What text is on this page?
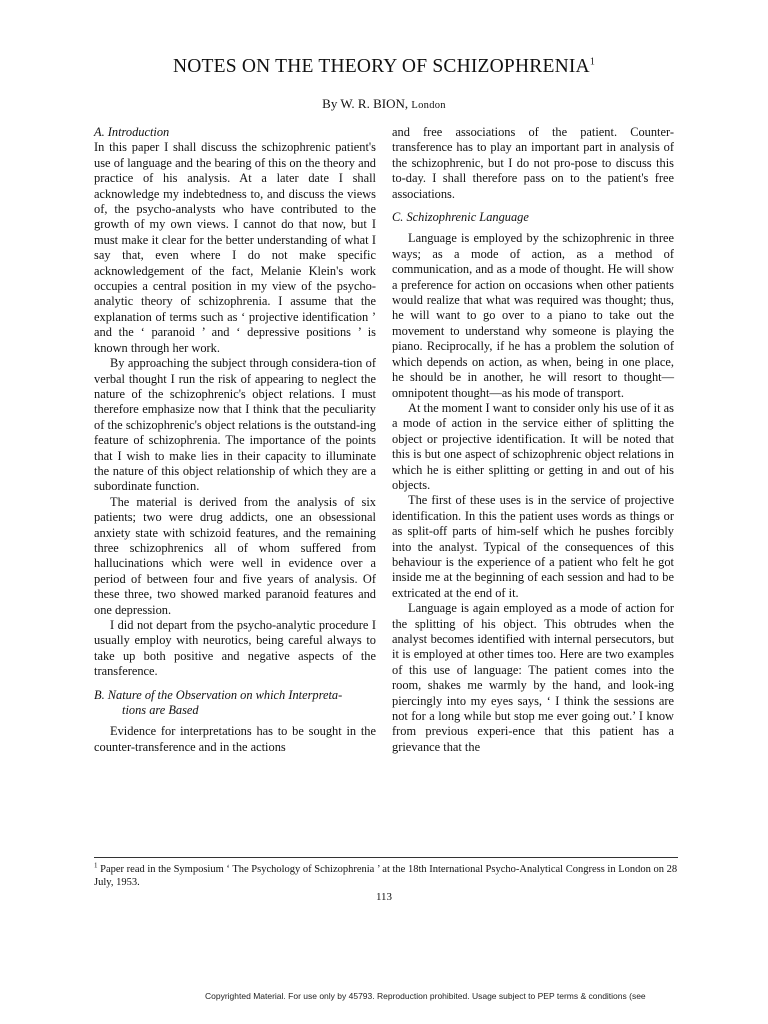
NOTES ON THE THEORY OF SCHIZOPHRENIA$^1$
By W. R. BION, London
A. Introduction

In this paper I shall discuss the schizophrenic patient's use of language and the bearing of this on the theory and practice of his analysis. At a later date I shall acknowledge my indebtedness to, and discuss the views of, the psycho-analysts who have contributed to the growth of my own views. I cannot do that now, but I must make it clear for the better understanding of what I say that, even where I do not make specific acknowledgement of the fact, Melanie Klein's work occupies a central position in my view of the psycho-analytic theory of schizophrenia. I assume that the explanation of terms such as ‘ projective identification ’ and the ‘ paranoid ’ and ‘ depressive positions ’ is known through her work.

By approaching the subject through considera-tion of verbal thought I run the risk of appearing to neglect the nature of the schizophrenic's object relations. I must therefore emphasize now that I think that the peculiarity of the schizophrenic's object relations is the outstand-ing feature of schizophrenia. The importance of the points that I wish to make lies in their capacity to illuminate the nature of this object relationship of which they are a subordinate function.

The material is derived from the analysis of six patients; two were drug addicts, one an obsessional anxiety state with schizoid features, and the remaining three schizophrenics all of whom suffered from hallucinations which were well in evidence over a period of between four and five years of analysis. Of these three, two showed marked paranoid features and one depression.

I did not depart from the psycho-analytic procedure I usually employ with neurotics, being careful always to take up both positive and negative aspects of the transference.

B. Nature of the Observation on which Interpreta-
tions are Based

Evidence for interpretations has to be sought in the counter-transference and in the actions

and free associations of the patient. Counter-transference has to play an important part in analysis of the schizophrenic, but I do not pro-pose to discuss this to-day. I shall therefore pass on to the patient's free associations.

C. Schizophrenic Language

Language is employed by the schizophrenic in three ways; as a mode of action, as a method of communication, and as a mode of thought. He will show a preference for action on occasions when other patients would realize that what was required was thought; thus, he will want to go over to a piano to take out the movement to understand why someone is playing the piano. Reciprocally, if he has a problem the solution of which depends on action, as when, being in one place, he should be in another, he will resort to thought—omnipotent thought—as his mode of transport.

At the moment I want to consider only his use of it as a mode of action in the service either of splitting the object or projective identification. It will be noted that this is but one aspect of schizophrenic object relations in which he is either splitting or getting in and out of his objects.

The first of these uses is in the service of projective identification. In this the patient uses words as things or as split-off parts of him-self which he pushes forcibly into the analyst. Typical of the consequences of this behaviour is the experience of a patient who felt he got inside me at the beginning of each session and had to be extricated at the end of it.

Language is again employed as a mode of action for the splitting of his object. This obtrudes when the analyst becomes identified with internal persecutors, but it is employed at other times too. Here are two examples of this use of language: The patient comes into the room, shakes me warmly by the hand, and look-ing piercingly into my eyes says, ‘ I think the sessions are not for a long while but stop me ever going out.’ I know from previous experi-ence that this patient has a grievance that the

$^1$ Paper read in the Symposium ‘ The Psychology of Schizophrenia ’ at the 18th International Psycho-Analytical Congress in London on 28 July, 1953.
113
Copyrighted Material. For use only by 45793. Reproduction prohibited. Usage subject to PEP terms & conditions (see
